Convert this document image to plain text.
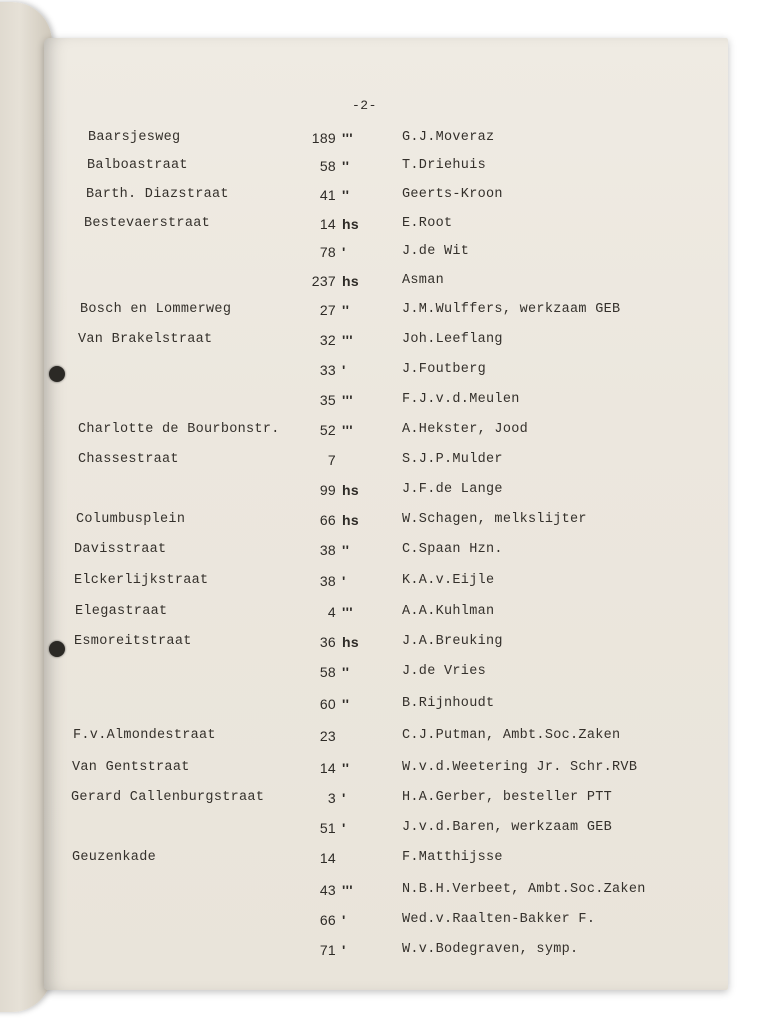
-2-
Baarsjesweg	189 '''	G.J.Moveraz
Balboastraat	58 ''	T.Driehuis
Barth. Diazstraat	41 ''	Geerts-Kroon
Bestevaerstraat	14 hs	E.Root
78 '	J.de Wit
237 hs	Asman
Bosch en Lommerweg	27 ''	J.M.Wulffers, werkzaam GEB
Van Brakelstraat	32 '''	Joh.Leeflang
33 '	J.Foutberg
35 '''	F.J.v.d.Meulen
Charlotte de Bourbonstr.	52 '''	A.Hekster, Jood
Chassestraat	7	S.J.P.Mulder
99 hs	J.F.de Lange
Columbusplein	66 hs	W.Schagen, melkslijter
Davisstraat	38 ''	C.Spaan Hzn.
Elckerlijkstraat	38 '	K.A.v.Eijle
Elegastraat	4 '''	A.A.Kuhlman
Esmoreitstraat	36 hs	J.A.Breuking
58 ''	J.de Vries
60 ''	B.Rijnhoudt
F.v.Almondestraat	23	C.J.Putman, Ambt.Soc.Zaken
Van Gentstraat	14 ''	W.v.d.Weetering Jr. Schr.RVB
Gerard Callenburgstraat	3 '	H.A.Gerber, besteller PTT
51 '	J.v.d.Baren, werkzaam GEB
Geuzenkade	14	F.Matthijsse
43 '''	N.B.H.Verbeet, Ambt.Soc.Zaken
66 '	Wed.v.Raalten-Bakker F.
71 '	W.v.Bodegraven, symp.
